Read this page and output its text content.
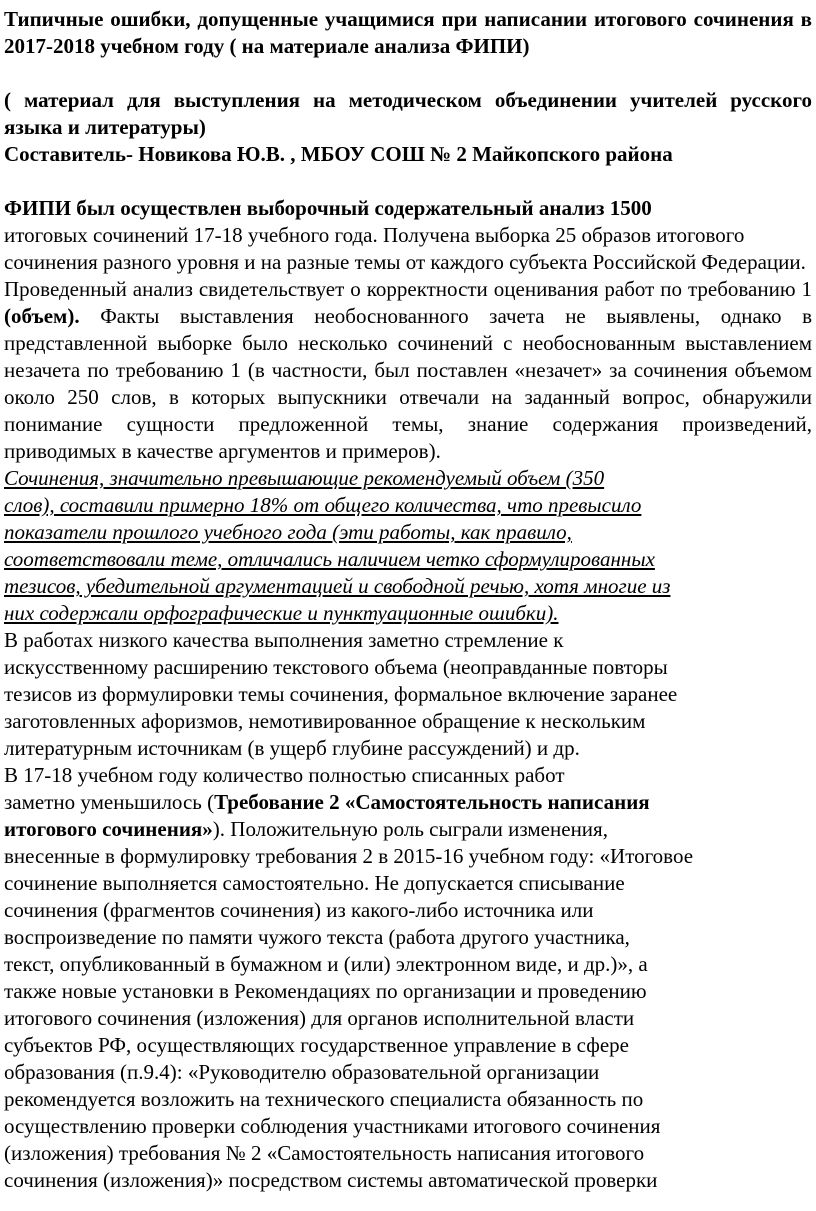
Типичные ошибки, допущенные учащимися при написании итогового сочинения в 2017-2018 учебном году ( на материале анализа ФИПИ)

( материал для выступления на методическом объединении учителей русского языка и литературы)

Составитель- Новикова Ю.В. , МБОУ СОШ № 2 Майкопского района

ФИПИ был осуществлен выборочный содержательный анализ 1500
итоговых сочинений 17-18 учебного года. Получена выборка 25 образов итогового сочинения разного уровня и на разные темы от каждого субъекта Российской Федерации.

Проведенный анализ свидетельствует о корректности оценивания работ по требованию 1 (объем). Факты выставления необоснованного зачета не выявлены, однако в представленной выборке было несколько сочинений с необоснованным выставлением незачета по требованию 1 (в частности, был поставлен «незачет» за сочинения объемом около 250 слов, в которых выпускники отвечали на заданный вопрос, обнаружили понимание сущности предложенной темы, знание содержания произведений, приводимых в качестве аргументов и примеров).

Сочинения, значительно превышающие рекомендуемый объем (350
слов), составили примерно 18% от общего количества, что превысило
показатели прошлого учебного года (эти работы, как правило,
соответствовали теме, отличались наличием четко сформулированных
тезисов, убедительной аргументацией и свободной речью, хотя многие из
них содержали орфографические и пунктуационные ошибки).

В работах низкого качества выполнения заметно стремление к
искусственному расширению текстового объема (неоправданные повторы
тезисов из формулировки темы сочинения, формальное включение заранее
заготовленных афоризмов, немотивированное обращение к нескольким
литературным источникам (в ущерб глубине рассуждений) и др.

В 17-18 учебном году количество полностью списанных работ
заметно уменьшилось (Требование 2 «Самостоятельность написания
итогового сочинения»). Положительную роль сыграли изменения,
внесенные в формулировку требования 2 в 2015-16 учебном году: «Итоговое
сочинение выполняется самостоятельно. Не допускается списывание
сочинения (фрагментов сочинения) из какого-либо источника или
воспроизведение по памяти чужого текста (работа другого участника,
текст, опубликованный в бумажном и (или) электронном виде, и др.)», а
также новые установки в Рекомендациях по организации и проведению
итогового сочинения (изложения) для органов исполнительной власти
субъектов РФ, осуществляющих государственное управление в сфере
образования (п.9.4): «Руководителю образовательной организации
рекомендуется возложить на технического специалиста обязанность по
осуществлению проверки соблюдения участниками итогового сочинения
(изложения) требования № 2 «Самостоятельность написания итогового
сочинения (изложения)» посредством системы автоматической проверки
